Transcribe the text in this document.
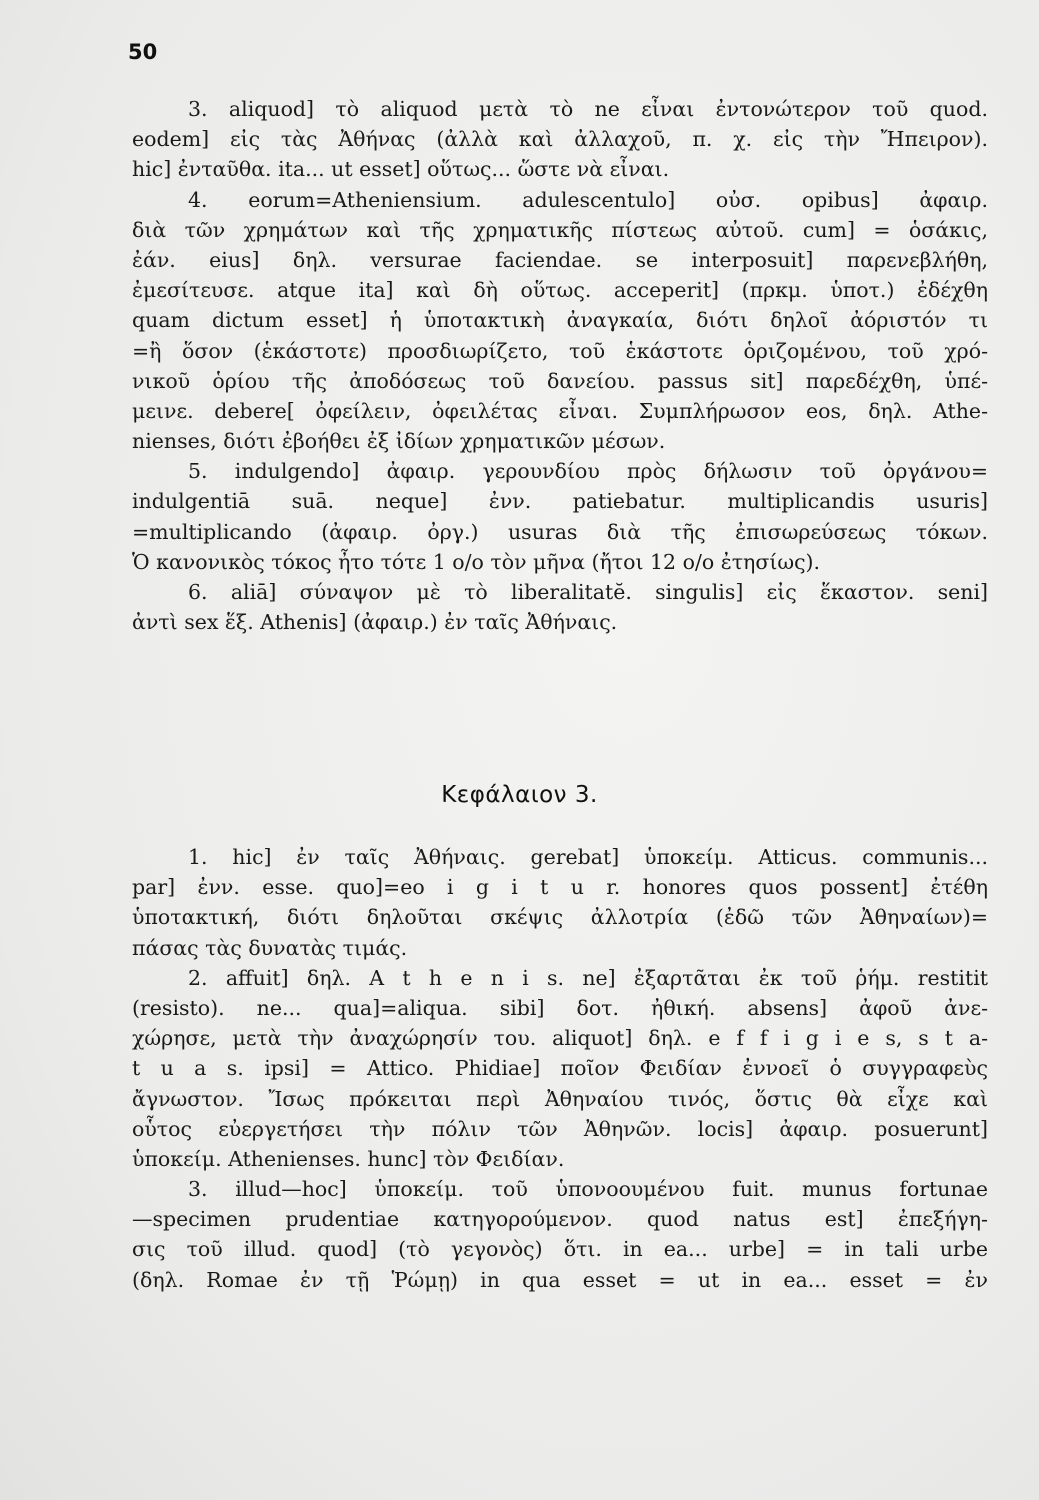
50
3. aliquod] τὸ aliquod μετὰ τὸ ne εἶναι ἐντονώτερον τοῦ quod.
eodem] εἰς τὰς Ἀθήνας (ἀλλὰ καὶ ἀλλαχοῦ, π. χ. εἰς τὴν Ἤπειρον).
hic] ἐνταῦθα. ita... ut esset] οὕτως... ὥστε νὰ εἶναι.
4. eorum=Atheniensium. adulescentulo] οὐσ. opibus] ἀφαιρ.
διὰ τῶν χρημάτων καὶ τῆς χρηματικῆς πίστεως αὐτοῦ. cum] = ὁσάκις,
ἐάν. eius] δηλ. versurae faciendae. se interposuit] παρενεβλήθη,
ἐμεσίτευσε. atque ita] καὶ δὴ οὕτως. acceperit] (πρκμ. ὑποτ.) ἐδέχθη
quam dictum esset] ἡ ὑποτακτικὴ ἀναγκαία, διότι δηλοῖ ἀόριστόν τι
=ἢ ὅσον (ἑκάστοτε) προσδιωρίζετο, τοῦ ἑκάστοτε ὁριζομένου, τοῦ χρό-
νικοῦ ὁρίου τῆς ἀποδόσεως τοῦ δανείου. passus sit] παρεδέχθη, ὑπέ-
μεινε. debere[ ὀφείλειν, ὀφειλέτας εἶναι. Συμπλήρωσον eos, δηλ. Athe-
nienses, διότι ἐβοήθει ἐξ ἰδίων χρηματικῶν μέσων.
5. indulgendo] ἀφαιρ. γερουνδίου πρὸς δήλωσιν τοῦ ὀργάνου=
indulgentiā suā. neque] ἐνν. patiebatur. multiplicandis usuris]
=multiplicando (ἀφαιρ. ὀργ.) usuras διὰ τῆς ἐπισωρεύσεως τόκων.
Ὁ κανονικὸς τόκος ἦτο τότε 1 ο/ο τὸν μῆνα (ἤτοι 12 ο/ο ἐτησίως).
6. aliā] σύναψον μὲ τὸ liberalitatĕ. singulis] εἰς ἕκαστον. seni]
ἀντὶ sex ἕξ. Athenis] (ἀφαιρ.) ἐν ταῖς Ἀθήναις.
Κεφάλαιον 3.
1. hic] ἐν ταῖς Ἀθήναις. gerebat] ὑποκείμ. Atticus. communis...
par] ἐνν. esse. quo]=eo i g i t u r. honores quos possent] ἐτέθη
ὑποτακτική, διότι δηλοῦται σκέψις ἀλλοτρία (ἐδῶ τῶν Ἀθηναίων)=
πάσας τὰς δυνατὰς τιμάς.
2. affuit] δηλ. A t h e n i s. ne] ἐξαρτᾶται ἐκ τοῦ ῥήμ. restitit
(resisto). ne... qua]=aliqua. sibi] δοτ. ἠθική. absens] ἀφοῦ ἀνε-
χώρησε, μετὰ τὴν ἀναχώρησίν του. aliquot] δηλ. e f f i g i e s, s t a-
t u a s. ipsi] = Attico. Phidiae] ποῖον Φειδίαν ἐννοεῖ ὁ συγγραφεὺς
ἄγνωστον. Ἴσως πρόκειται περὶ Ἀθηναίου τινός, ὅστις θὰ εἶχε καὶ
οὗτος εὐεργετήσει τὴν πόλιν τῶν Ἀθηνῶν. locis] ἀφαιρ. posuerunt]
ὑποκείμ. Athenienses. hunc] τὸν Φειδίαν.
3. illud—hoc] ὑποκείμ. τοῦ ὑπονοουμένου fuit. munus fortunae
—specimen prudentiae κατηγορούμενον. quod natus est] ἐπεξήγη-
σις τοῦ illud. quod] (τὸ γεγονὸς) ὅτι. in ea... urbe] = in tali urbe
(δηλ. Romae ἐν τῇ Ῥώμῃ) in qua esset = ut in ea... esset = ἐν
